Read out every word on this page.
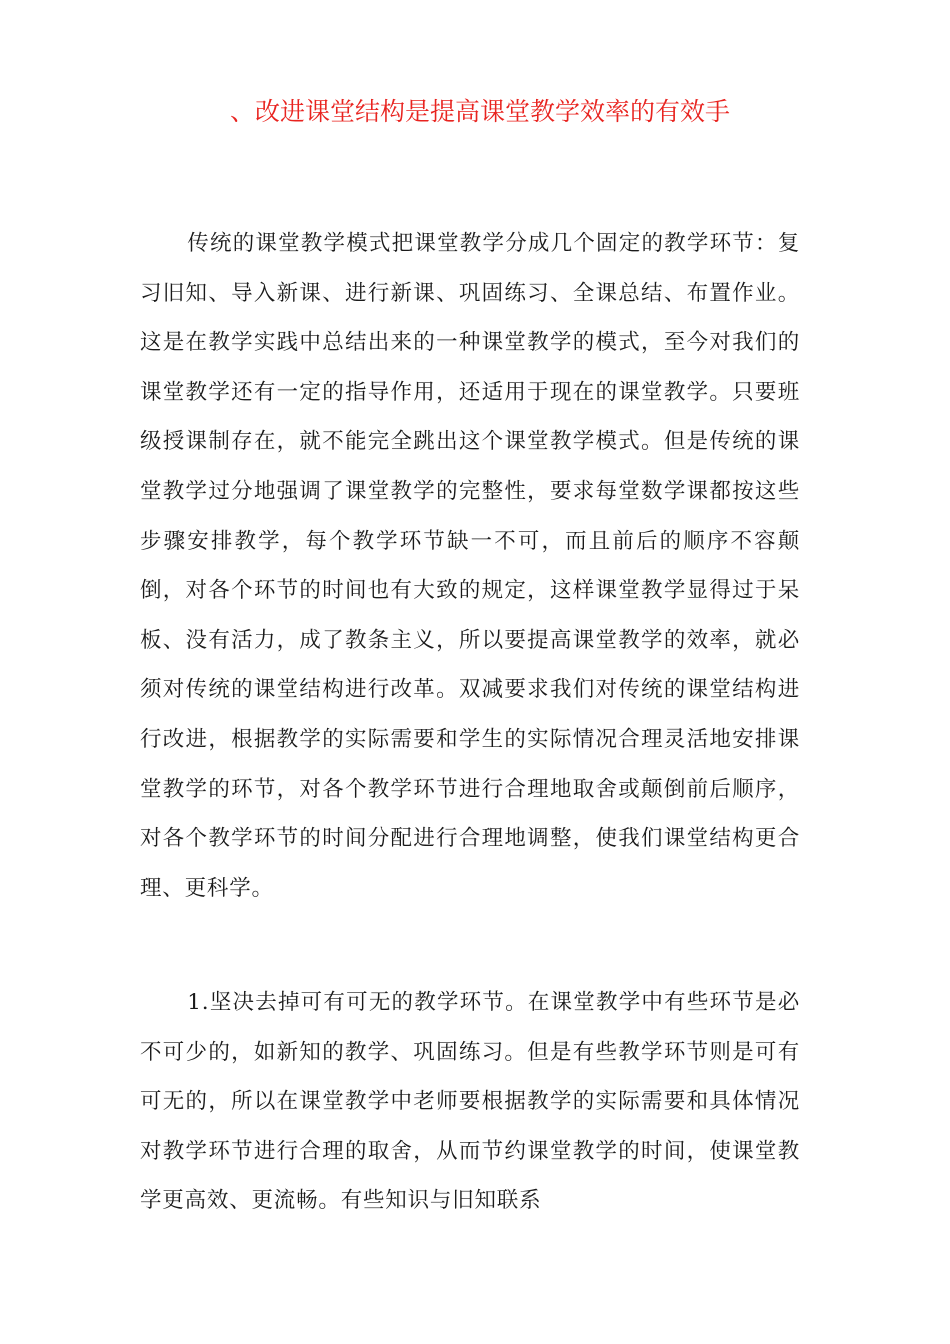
、改进课堂结构是提高课堂教学效率的有效手

传统的课堂教学模式把课堂教学分成几个固定的教学环节：复习旧知、导入新课、进行新课、巩固练习、全课总结、布置作业。这是在教学实践中总结出来的一种课堂教学的模式，至今对我们的课堂教学还有一定的指导作用，还适用于现在的课堂教学。只要班级授课制存在，就不能完全跳出这个课堂教学模式。但是传统的课堂教学过分地强调了课堂教学的完整性，要求每堂数学课都按这些步骤安排教学，每个教学环节缺一不可，而且前后的顺序不容颠倒，对各个环节的时间也有大致的规定，这样课堂教学显得过于呆板、没有活力，成了教条主义，所以要提高课堂教学的效率，就必须对传统的课堂结构进行改革。双减要求我们对传统的课堂结构进行改进，根据教学的实际需要和学生的实际情况合理灵活地安排课堂教学的环节，对各个教学环节进行合理地取舍或颠倒前后顺序，对各个教学环节的时间分配进行合理地调整，使我们课堂结构更合理、更科学。

1.坚决去掉可有可无的教学环节。在课堂教学中有些环节是必不可少的，如新知的教学、巩固练习。但是有些教学环节则是可有可无的，所以在课堂教学中老师要根据教学的实际需要和具体情况对教学环节进行合理的取舍，从而节约课堂教学的时间，使课堂教学更高效、更流畅。有些知识与旧知联系
